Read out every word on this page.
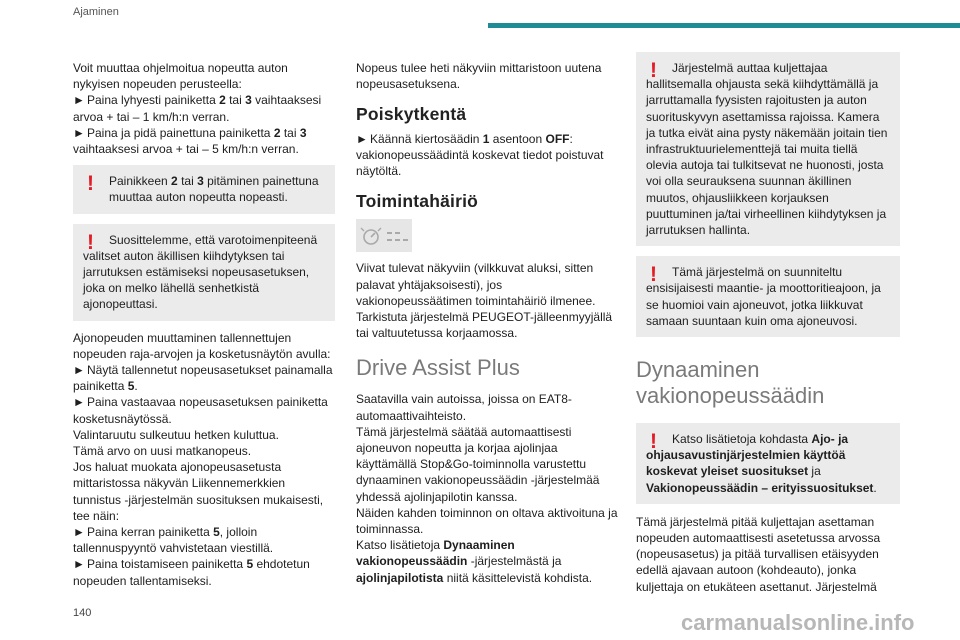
Ajaminen

Voit muuttaa ohjelmoitua nopeutta auton nykyisen nopeuden perusteella:

► Paina lyhyesti painiketta 2 tai 3 vaihtaaksesi arvoa + tai – 1 km/h:n verran.

► Paina ja pidä painettuna painiketta 2 tai 3 vaihtaaksesi arvoa + tai – 5 km/h:n verran.

!	Painikkeen 2 tai 3 pitäminen painettuna muuttaa auton nopeutta nopeasti.

!	Suosittelemme, että varotoimenpiteenä valitset auton äkillisen kiihdytyksen tai jarrutuksen estämiseksi nopeusasetuksen, joka on melko lähellä senhetkistä ajonopeuttasi.

Ajonopeuden muuttaminen tallennettujen nopeuden raja-arvojen ja kosketusnäytön avulla:

► Näytä tallennetut nopeusasetukset painamalla painiketta 5.

► Paina vastaavaa nopeusasetuksen painiketta kosketusnäytössä.

Valintaruutu sulkeutuu hetken kuluttua.

Tämä arvo on uusi matkanopeus.

Jos haluat muokata ajonopeusasetusta mittaristossa näkyvän Liikennemerkkien tunnistus -järjestelmän suosituksen mukaisesti, tee näin:

► Paina kerran painiketta 5, jolloin tallennuspyyntö vahvistetaan viestillä.

► Paina toistamiseen painiketta 5 ehdotetun nopeuden tallentamiseksi.

Nopeus tulee heti näkyviin mittaristoon uutena nopeusasetuksena.

Poiskytkentä

► Käännä kiertosäädin 1 asentoon OFF: vakionopeussäädintä koskevat tiedot poistuvat näytöltä.

Toimintahäiriö

Viivat tulevat näkyviin (vilkkuvat aluksi, sitten palavat yhtäjaksoisesti), jos vakionopeussäätimen toimintahäiriö ilmenee.

Tarkistuta järjestelmä PEUGEOT-jälleenmyyjällä tai valtuutetussa korjaamossa.

Drive Assist Plus

Saatavilla vain autoissa, joissa on EAT8-automaattivaihteisto.

Tämä järjestelmä säätää automaattisesti ajoneuvon nopeutta ja korjaa ajolinjaa käyttämällä Stop&Go-toiminnolla varustettu dynaaminen vakionopeussäädin -järjestelmää yhdessä ajolinjapilotin kanssa.

Näiden kahden toiminnon on oltava aktivoituna ja toiminnassa.

Katso lisätietoja Dynaaminen vakionopeussäädin -järjestelmästä ja ajolinjapilotista niitä käsittelevistä kohdista.

!	Järjestelmä auttaa kuljettajaa hallitsemalla ohjausta sekä kiihdyttämällä ja jarruttamalla fyysisten rajoitusten ja auton suorituskyvyn asettamissa rajoissa. Kamera ja tutka eivät aina pysty näkemään joitain tien infrastruktuurielementtejä tai muita tiellä olevia autoja tai tulkitsevat ne huonosti, josta voi olla seurauksena suunnan äkillinen muutos, ohjausliikkeen korjauksen puuttuminen ja/tai virheellinen kiihdytyksen ja jarrutuksen hallinta.

!	Tämä järjestelmä on suunniteltu ensisijaisesti maantie- ja moottoritieajoon, ja se huomioi vain ajoneuvot, jotka liikkuvat samaan suuntaan kuin oma ajoneuvosi.

Dynaaminen vakionopeussäädin
!	Katso lisätietoja kohdasta Ajo- ja ohjausavustinjärjestelmien käyttöä koskevat yleiset suositukset ja Vakionopeussäädin – erityissuositukset.

Tämä järjestelmä pitää kuljettajan asettaman nopeuden automaattisesti asetetussa arvossa (nopeusasetus) ja pitää turvallisen etäisyyden edellä ajavaan autoon (kohdeauto), jonka kuljettaja on etukäteen asettanut. Järjestelmä

140	carmanualsonline.info
